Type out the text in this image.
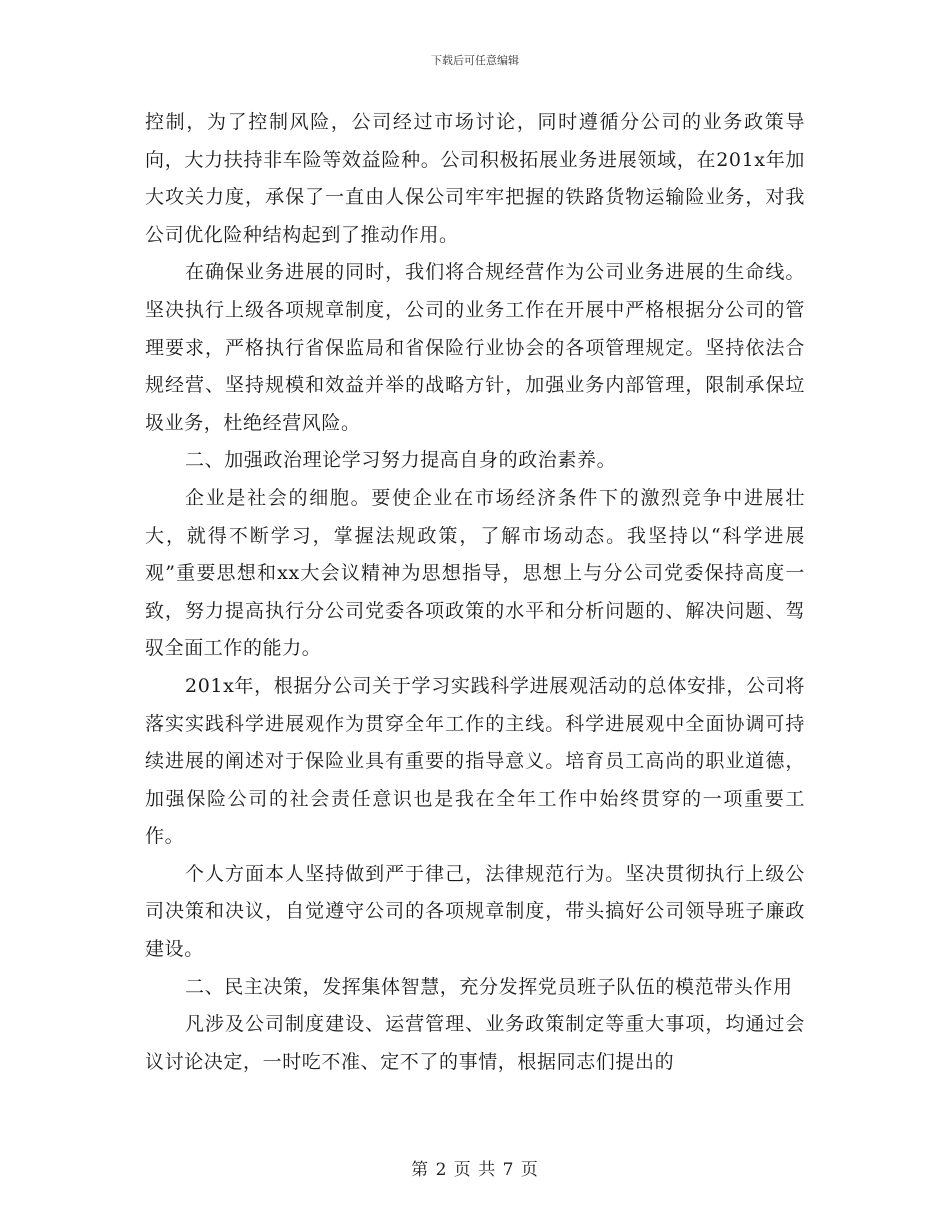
下载后可任意编辑

控制，为了控制风险，公司经过市场讨论，同时遵循分公司的业务政策导向，大力扶持非车险等效益险种。公司积极拓展业务进展领域，在201x年加大攻关力度，承保了一直由人保公司牢牢把握的铁路货物运输险业务，对我公司优化险种结构起到了推动作用。

在确保业务进展的同时，我们将合规经营作为公司业务进展的生命线。坚决执行上级各项规章制度，公司的业务工作在开展中严格根据分公司的管理要求，严格执行省保监局和省保险行业协会的各项管理规定。坚持依法合规经营、坚持规模和效益并举的战略方针，加强业务内部管理，限制承保垃圾业务，杜绝经营风险。

二、加强政治理论学习努力提高自身的政治素养。

企业是社会的细胞。要使企业在市场经济条件下的激烈竞争中进展壮大，就得不断学习，掌握法规政策，了解市场动态。我坚持以“科学进展观”重要思想和xx大会议精神为思想指导，思想上与分公司党委保持高度一致，努力提高执行分公司党委各项政策的水平和分析问题的、解决问题、驾驭全面工作的能力。

201x年，根据分公司关于学习实践科学进展观活动的总体安排，公司将落实实践科学进展观作为贯穿全年工作的主线。科学进展观中全面协调可持续进展的阐述对于保险业具有重要的指导意义。培育员工高尚的职业道德，加强保险公司的社会责任意识也是我在全年工作中始终贯穿的一项重要工作。

个人方面本人坚持做到严于律己，法律规范行为。坚决贯彻执行上级公司决策和决议，自觉遵守公司的各项规章制度，带头搞好公司领导班子廉政建设。

二、民主决策，发挥集体智慧，充分发挥党员班子队伍的模范带头作用

凡涉及公司制度建设、运营管理、业务政策制定等重大事项，均通过会议讨论决定，一时吃不准、定不了的事情，根据同志们提出的

第 2 页 共 7 页
